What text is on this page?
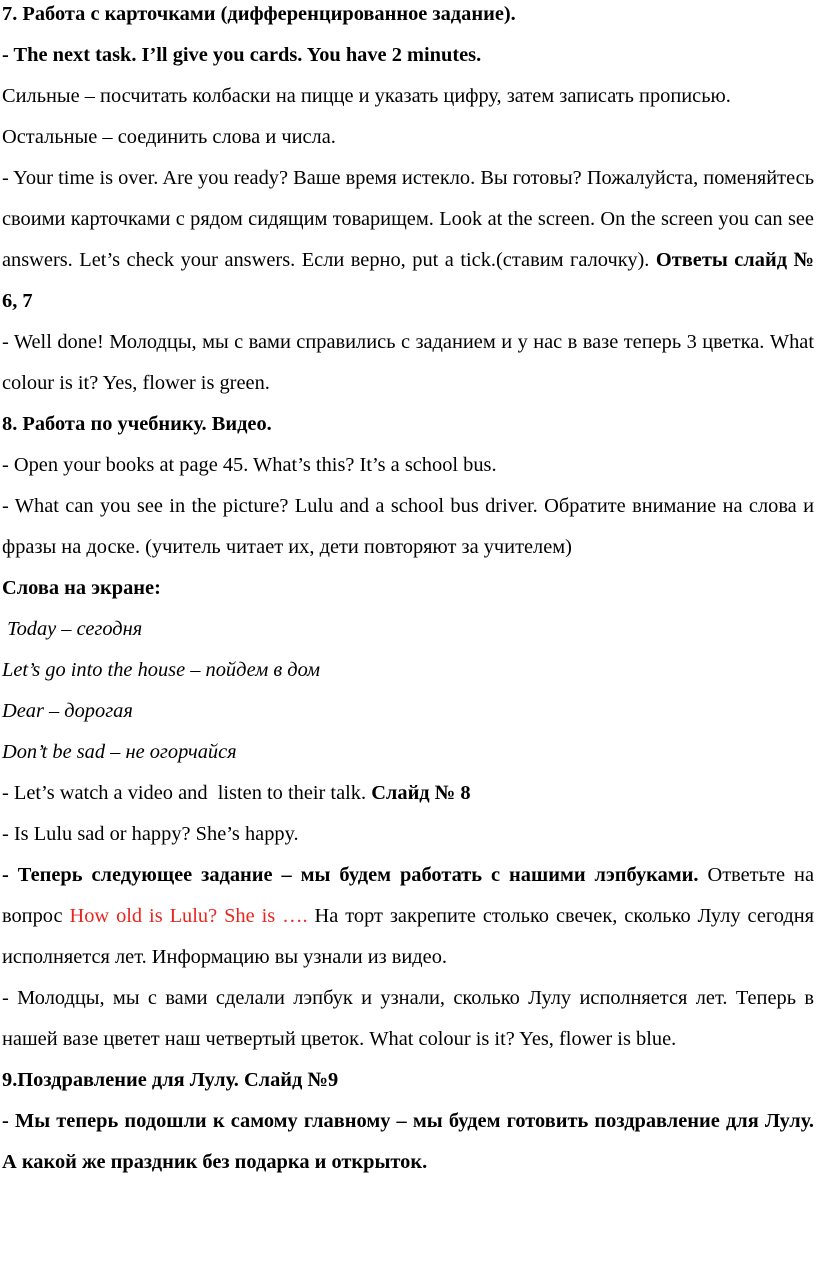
7. Работа с карточками (дифференцированное задание).

- The next task. I’ll give you cards. You have 2 minutes.

Сильные – посчитать колбаски на пицце и указать цифру, затем записать прописью.

Остальные – соединить слова и числа.

- Your time is over. Are you ready? Ваше время истекло. Вы готовы? Пожалуйста, поменяйтесь своими карточками с рядом сидящим товарищем. Look at the screen. On the screen you can see answers. Let’s check your answers. Если верно, put a tick.(ставим галочку). Ответы слайд № 6, 7

- Well done! Молодцы, мы с вами справились с заданием и у нас в вазе теперь 3 цветка. What colour is it? Yes, flower is green.

8. Работа по учебнику. Видео.

- Open your books at page 45. What’s this? It’s a school bus.

- What can you see in the picture? Lulu and a school bus driver. Обратите внимание на слова и фразы на доске. (учитель читает их, дети повторяют за учителем)

Слова на экране:

Today – сегодня

Let’s go into the house – пойдем в дом

Dear – дорогая

Don’t be sad – не огорчайся

- Let’s watch a video and  listen to their talk. Слайд № 8

- Is Lulu sad or happy? She’s happy.

- Теперь следующее задание – мы будем работать с нашими лэпбуками. Ответьте на вопрос How old is Lulu? She is …. На торт закрепите столько свечек, сколько Лулу сегодня исполняется лет. Информацию вы узнали из видео.

- Молодцы, мы с вами сделали лэпбук и узнали, сколько Лулу исполняется лет. Теперь в нашей вазе цветет наш четвертый цветок. What colour is it? Yes, flower is blue.

9.Поздравление для Лулу. Слайд №9

- Мы теперь подошли к самому главному – мы будем готовить поздравление для Лулу. А какой же праздник без подарка и открыток.
